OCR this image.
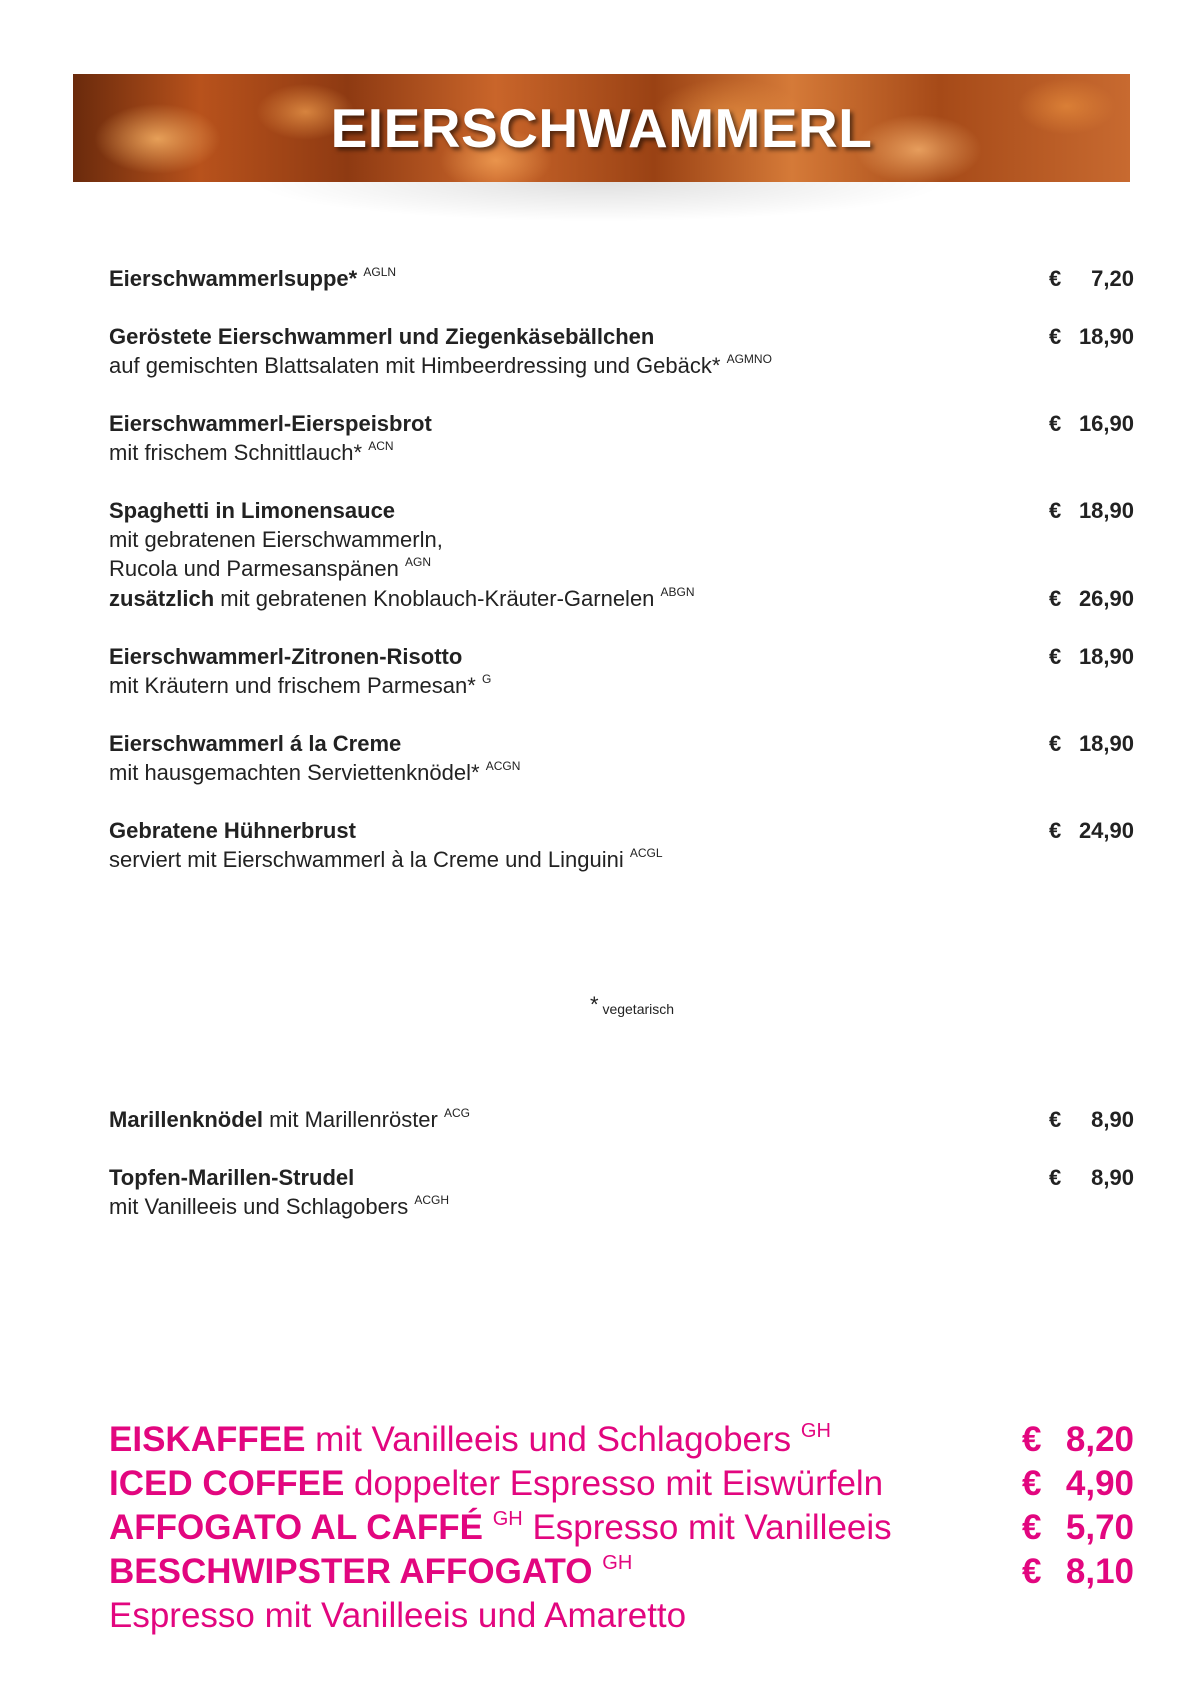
EIERSCHWAMMERL
Eierschwammerlsuppe* $^{AGLN}$	€ 7,20
Geröstete Eierschwammerl und Ziegenkäsebällchen	€ 18,90
auf gemischten Blattsalaten mit Himbeerdressing und Gebäck* $^{AGMNO}$
Eierschwammerl-Eierspeisbrot	€ 16,90
mit frischem Schnittlauch* $^{ACN}$
Spaghetti in Limonensauce	€ 18,90
mit gebratenen Eierschwammerln,
Rucola und Parmesanspänen $^{AGN}$
zusätzlich mit gebratenen Knoblauch-Kräuter-Garnelen $^{ABGN}$	€ 26,90
Eierschwammerl-Zitronen-Risotto	€ 18,90
mit Kräutern und frischem Parmesan* $^G$
Eierschwammerl á la Creme	€ 18,90
mit hausgemachten Serviettenknödel* $^{ACGN}$
Gebratene Hühnerbrust	€ 24,90
serviert mit Eierschwammerl à la Creme und Linguini $^{ACGL}$
Marillenknödel mit Marillenröster $^{ACG}$	€ 8,90
Topfen-Marillen-Strudel	€ 8,90
mit Vanilleeis und Schlagobers $^{ACGH}$
* vegetarisch
EISKAFFEE mit Vanilleeis und Schlagobers $^{GH}$	€ 8,20
ICED COFFEE doppelter Espresso mit Eiswürfeln	€ 4,90
AFFOGATO AL CAFFÉ $^{GH}$ Espresso mit Vanilleeis	€ 5,70
BESCHWIPSTER AFFOGATO $^{GH}$	€ 8,10
Espresso mit Vanilleeis und Amaretto
